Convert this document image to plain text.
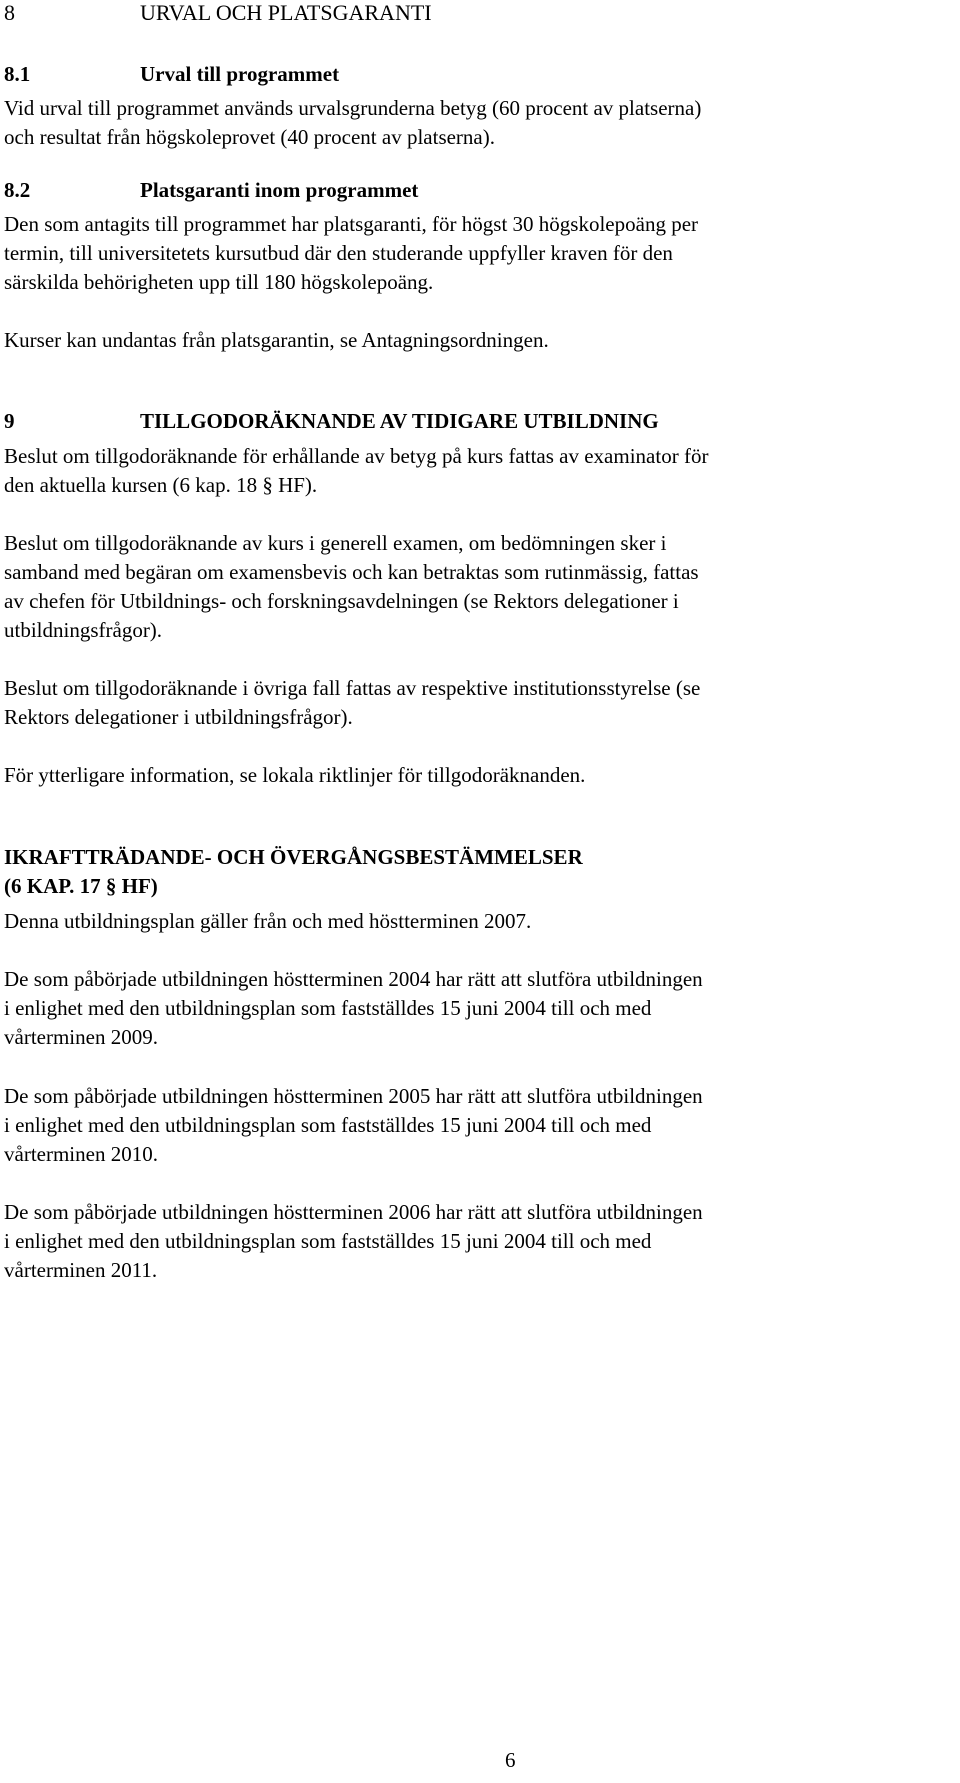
8	URVAL OCH PLATSGARANTI
8.1	Urval till programmet
Vid urval till programmet används urvalsgrunderna betyg (60 procent av platserna)
och resultat från högskoleprovet (40 procent av platserna).
8.2	Platsgaranti inom programmet
Den som antagits till programmet har platsgaranti, för högst 30 högskolepoäng per
termin, till universitetets kursutbud där den studerande uppfyller kraven för den
särskilda behörigheten upp till 180 högskolepoäng.
Kurser kan undantas från platsgarantin, se Antagningsordningen.
9	TILLGODORÄKNANDE AV TIDIGARE UTBILDNING
Beslut om tillgodoräknande för erhållande av betyg på kurs fattas av examinator för
den aktuella kursen (6 kap. 18 § HF).
Beslut om tillgodoräknande av kurs i generell examen, om bedömningen sker i
samband med begäran om examensbevis och kan betraktas som rutinmässig, fattas
av chefen för Utbildnings- och forskningsavdelningen (se Rektors delegationer i
utbildningsfrågor).
Beslut om tillgodoräknande i övriga fall fattas av respektive institutionsstyrelse (se
Rektors delegationer i utbildningsfrågor).
För ytterligare information, se lokala riktlinjer för tillgodoräknanden.
IKRAFTTRÄDANDE- OCH ÖVERGÅNGSBESTÄMMELSER
(6 KAP. 17 § HF)
Denna utbildningsplan gäller från och med höstterminen 2007.
De som påbörjade utbildningen höstterminen 2004 har rätt att slutföra utbildningen
i enlighet med den utbildningsplan som fastställdes 15 juni 2004 till och med
vårterminen 2009.
De som påbörjade utbildningen höstterminen 2005 har rätt att slutföra utbildningen
i enlighet med den utbildningsplan som fastställdes 15 juni 2004 till och med
vårterminen 2010.
De som påbörjade utbildningen höstterminen 2006 har rätt att slutföra utbildningen
i enlighet med den utbildningsplan som fastställdes 15 juni 2004 till och med
vårterminen 2011.
6
